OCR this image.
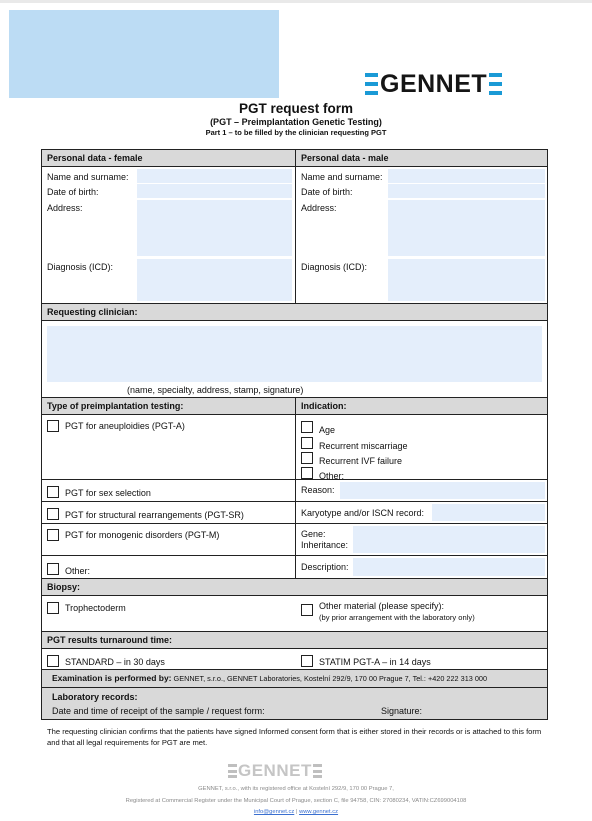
GENNET
PGT request form
(PGT – Preimplantation Genetic Testing)
Part 1 – to be filled by the clinician requesting PGT
Personal data - female
Name and surname:
Date of birth:
Address:
Diagnosis (ICD):
Personal data - male
Name and surname:
Date of birth:
Address:
Diagnosis (ICD):
Requesting clinician:
(name, specialty, address, stamp, signature)
Type of preimplantation testing:	Indication:
PGT for aneuploidies (PGT-A)	Age
Recurrent miscarriage
Recurrent IVF failure
Other:
PGT for sex selection	Reason:
PGT for structural rearrangements (PGT-SR)	Karyotype and/or ISCN record:
PGT for monogenic disorders (PGT-M)	Gene:
Inheritance:
Other:	Description:
Biopsy:
Trophectoderm	Other material (please specify):
(by prior arrangement with the laboratory only)
PGT results turnaround time:
STANDARD – in 30 days	STATIM PGT-A – in 14 days
Examination is performed by: GENNET, s.r.o., GENNET Laboratories, Kostelní 292/9, 170 00 Prague 7, Tel.: +420 222 313 000
Laboratory records:
Date and time of receipt of the sample / request form:	Signature:
The requesting clinician confirms that the patients have signed Informed consent form that is either stored in their records or is attached to this form and that all legal requirements for PGT are met.
GENNET
GENNET, s.r.o., with its registered office at Kostelní 292/9, 170 00 Prague 7,
Registered at Commercial Register under the Municipal Court of Prague, section C, file 94758, CIN: 27080234, VATIN:CZ699004108
info@gennet.cz | www.gennet.cz
